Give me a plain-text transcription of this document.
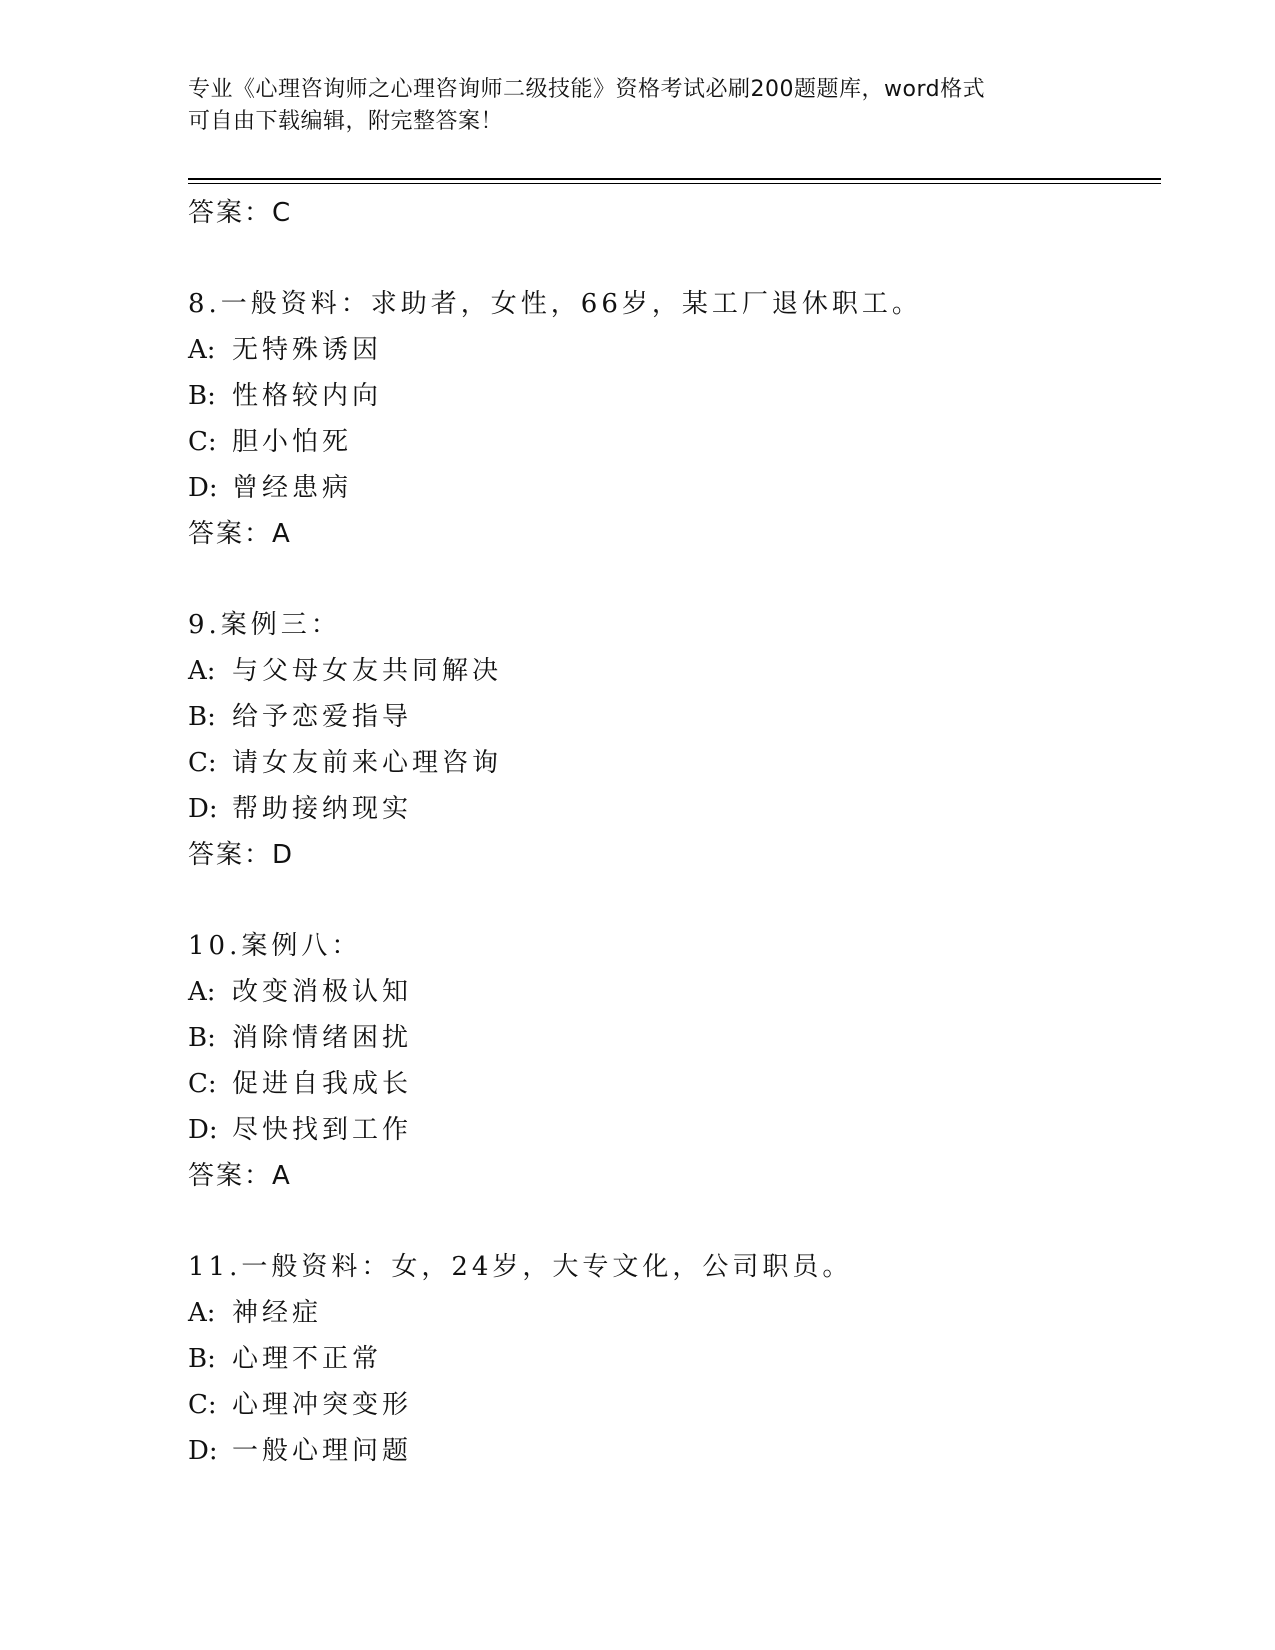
专业《心理咨询师之心理咨询师二级技能》资格考试必刷200题题库，word格式
可自由下载编辑，附完整答案！
答案：C
8.一般资料：求助者，女性，66岁，某工厂退休职工。
A: 无特殊诱因
B: 性格较内向
C: 胆小怕死
D: 曾经患病
答案：A
9.案例三：
A: 与父母女友共同解决
B: 给予恋爱指导
C: 请女友前来心理咨询
D: 帮助接纳现实
答案：D
10.案例八：
A: 改变消极认知
B: 消除情绪困扰
C: 促进自我成长
D: 尽快找到工作
答案：A
11.一般资料：女，24岁，大专文化，公司职员。
A: 神经症
B: 心理不正常
C: 心理冲突变形
D: 一般心理问题
